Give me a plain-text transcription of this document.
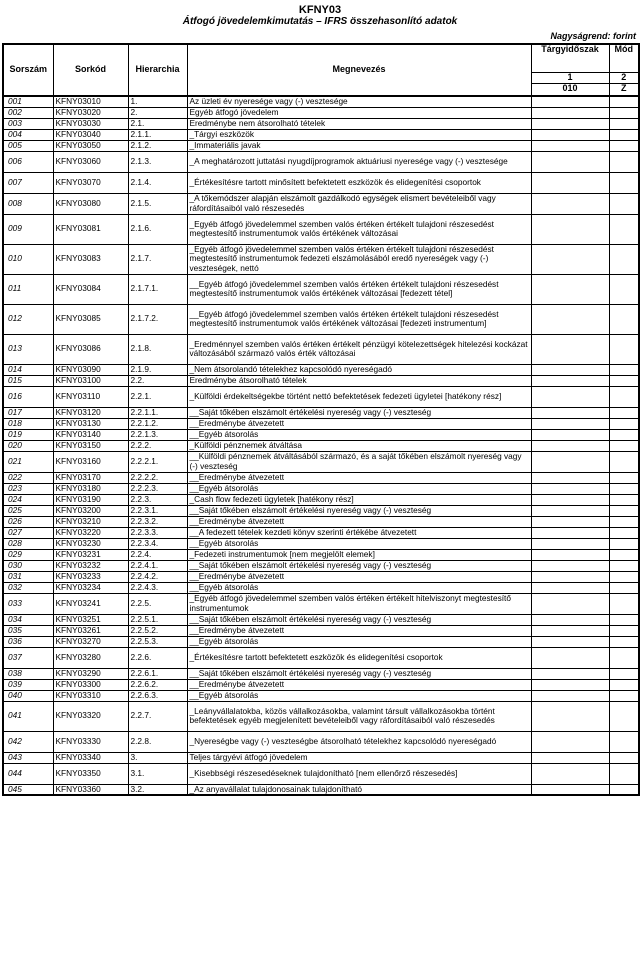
KFNY03
Átfogó jövedelemkimutatás – IFRS összehasonlító adatok
Nagyságrend: forint
Sorszám	Sorkód	Hierarchia	Megnevezés	Tárgyidőszak	Mód
				1	2
				010	Z
001	KFNY03010	1.	Az üzleti év nyeresége vagy (-) vesztesége		
002	KFNY03020	2.	Egyéb átfogó jövedelem		
003	KFNY03030	2.1.	Eredménybe nem átsorolható tételek		
004	KFNY03040	2.1.1.	_Tárgyi eszközök		
005	KFNY03050	2.1.2.	_Immateriális javak		
006	KFNY03060	2.1.3.	_A meghatározott juttatási nyugdíjprogramok aktuáriusi nyeresége vagy (-) vesztesége		
007	KFNY03070	2.1.4.	_Értékesítésre tartott minősített befektetett eszközök és elidegenítési csoportok		
008	KFNY03080	2.1.5.	_A tőkemódszer alapján elszámolt gazdálkodó egységek elismert bevételeiből vagy ráfordításaiból való részesedés		
009	KFNY03081	2.1.6.	_Egyéb átfogó jövedelemmel szemben valós értéken értékelt tulajdoni részesedést megtestesítő instrumentumok valós értékének változásai		
010	KFNY03083	2.1.7.	_Egyéb átfogó jövedelemmel szemben valós értéken értékelt tulajdoni részesedést megtestesítő instrumentumok fedezeti elszámolásából eredő nyereségek vagy (-) veszteségek, nettó		
011	KFNY03084	2.1.7.1.	__Egyéb átfogó jövedelemmel szemben valós értéken értékelt tulajdoni részesedést megtestesítő instrumentumok valós értékének változásai [fedezett tétel]		
012	KFNY03085	2.1.7.2.	__Egyéb átfogó jövedelemmel szemben valós értéken értékelt tulajdoni részesedést megtestesítő instrumentumok valós értékének változásai [fedezeti instrumentum]		
013	KFNY03086	2.1.8.	_Eredménnyel szemben valós értéken értékelt pénzügyi kötelezettségek hitelezési kockázat változásából származó valós érték változásai		
014	KFNY03090	2.1.9.	_Nem átsorolandó tételekhez kapcsolódó nyereségadó		
015	KFNY03100	2.2.	Eredménybe átsorolható tételek		
016	KFNY03110	2.2.1.	_Külföldi érdekeltségekbe történt nettó befektetések fedezeti ügyletei [hatékony rész]		
017	KFNY03120	2.2.1.1.	__Saját tőkében elszámolt értékelési nyereség vagy (-) veszteség		
018	KFNY03130	2.2.1.2.	__Eredménybe átvezetett		
019	KFNY03140	2.2.1.3.	__Egyéb átsorolás		
020	KFNY03150	2.2.2.	_Külföldi pénznemek átváltása		
021	KFNY03160	2.2.2.1.	__Külföldi pénznemek átváltásából származó, és a saját tőkében elszámolt nyereség vagy (-) veszteség		
022	KFNY03170	2.2.2.2.	__Eredménybe átvezetett		
023	KFNY03180	2.2.2.3.	__Egyéb átsorolás		
024	KFNY03190	2.2.3.	_Cash flow fedezeti ügyletek [hatékony rész]		
025	KFNY03200	2.2.3.1.	__Saját tőkében elszámolt értékelési nyereség vagy (-) veszteség		
026	KFNY03210	2.2.3.2.	__Eredménybe átvezetett		
027	KFNY03220	2.2.3.3.	__A fedezett tételek kezdeti könyv szerinti értékébe átvezetett		
028	KFNY03230	2.2.3.4.	__Egyéb átsorolás		
029	KFNY03231	2.2.4.	_Fedezeti instrumentumok [nem megjelölt elemek]		
030	KFNY03232	2.2.4.1.	__Saját tőkében elszámolt értékelési nyereség vagy (-) veszteség		
031	KFNY03233	2.2.4.2.	__Eredménybe átvezetett		
032	KFNY03234	2.2.4.3.	__Egyéb átsorolás		
033	KFNY03241	2.2.5.	_Egyéb átfogó jövedelemmel szemben valós értéken értékelt hitelviszonyt megtestesítő instrumentumok		
034	KFNY03251	2.2.5.1.	__Saját tőkében elszámolt értékelési nyereség vagy (-) veszteség		
035	KFNY03261	2.2.5.2.	__Eredménybe átvezetett		
036	KFNY03270	2.2.5.3.	__Egyéb átsorolás		
037	KFNY03280	2.2.6.	_Értékesítésre tartott befektetett eszközök és elidegenítési csoportok		
038	KFNY03290	2.2.6.1.	__Saját tőkében elszámolt értékelési nyereség vagy (-) veszteség		
039	KFNY03300	2.2.6.2.	__Eredménybe átvezetett		
040	KFNY03310	2.2.6.3.	__Egyéb átsorolás		
041	KFNY03320	2.2.7.	_Leányvállalatokba, közös vállalkozásokba, valamint társult vállalkozásokba történt befektetések egyéb megjelenített bevételeiből vagy ráfordításaiból való részesedés		
042	KFNY03330	2.2.8.	_Nyereségbe vagy (-) veszteségbe átsorolható tételekhez kapcsolódó nyereségadó		
043	KFNY03340	3.	Teljes tárgyévi átfogó jövedelem		
044	KFNY03350	3.1.	_Kisebbségi részesedéseknek tulajdonítható [nem ellenőrző részesedés]		
045	KFNY03360	3.2.	_Az anyavállalat tulajdonosainak tulajdonítható		
